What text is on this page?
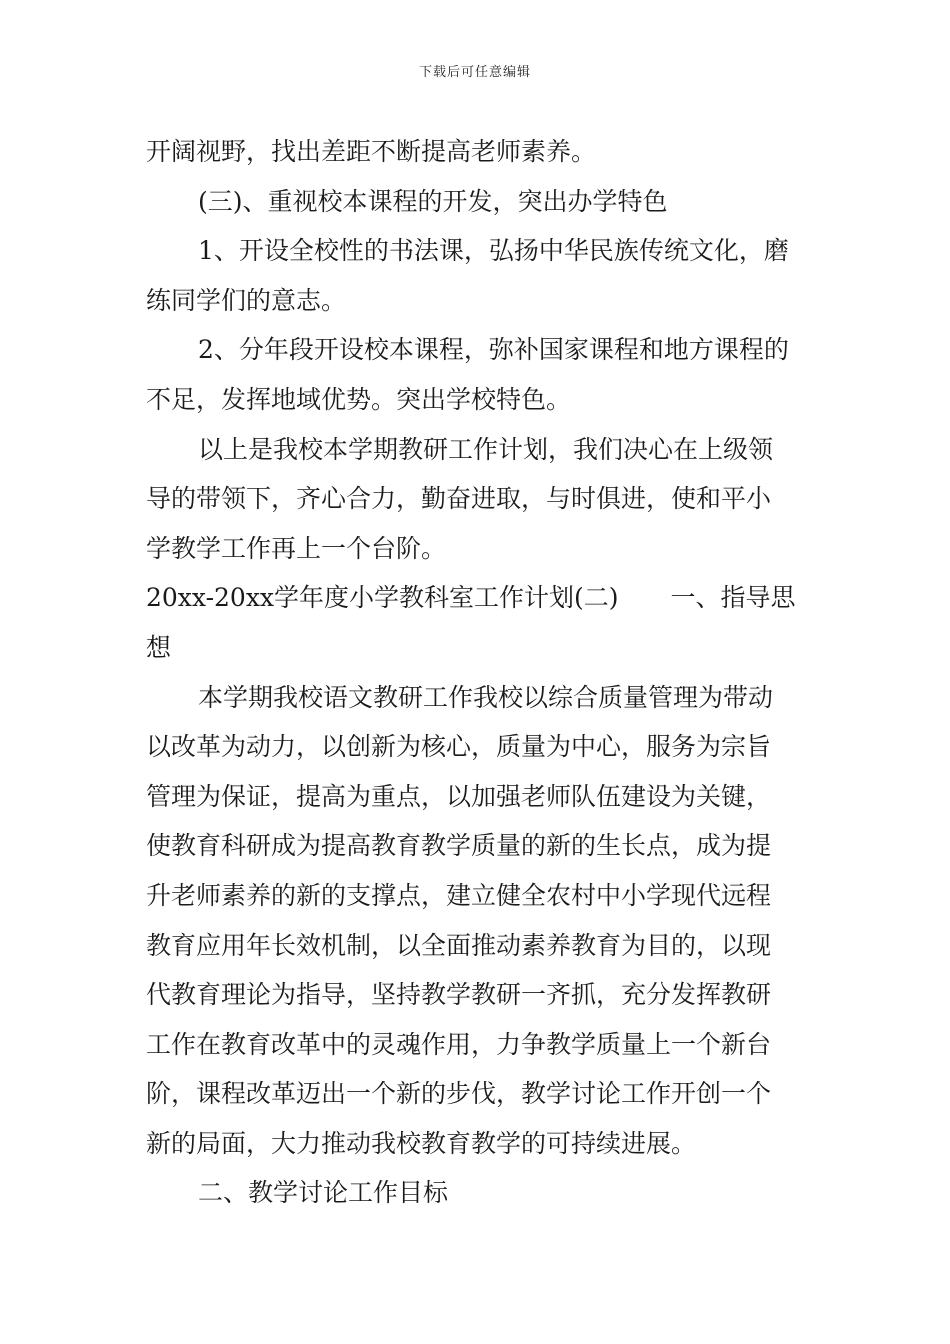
下载后可任意编辑
开阔视野，找出差距不断提高老师素养。
(三)、重视校本课程的开发，突出办学特色
1、开设全校性的书法课，弘扬中华民族传统文化，磨
练同学们的意志。
2、分年段开设校本课程，弥补国家课程和地方课程的
不足，发挥地域优势。突出学校特色。
以上是我校本学期教研工作计划，我们决心在上级领
导的带领下，齐心合力，勤奋进取，与时俱进，使和平小
学教学工作再上一个台阶。
20xx-20xx学年度小学教科室工作计划(二) 一、指导思
想
本学期我校语文教研工作我校以综合质量管理为带动
以改革为动力，以创新为核心，质量为中心，服务为宗旨
管理为保证，提高为重点，以加强老师队伍建设为关键，
使教育科研成为提高教育教学质量的新的生长点，成为提
升老师素养的新的支撑点，建立健全农村中小学现代远程
教育应用年长效机制，以全面推动素养教育为目的，以现
代教育理论为指导，坚持教学教研一齐抓，充分发挥教研
工作在教育改革中的灵魂作用，力争教学质量上一个新台
阶，课程改革迈出一个新的步伐，教学讨论工作开创一个
新的局面，大力推动我校教育教学的可持续进展。
二、教学讨论工作目标
